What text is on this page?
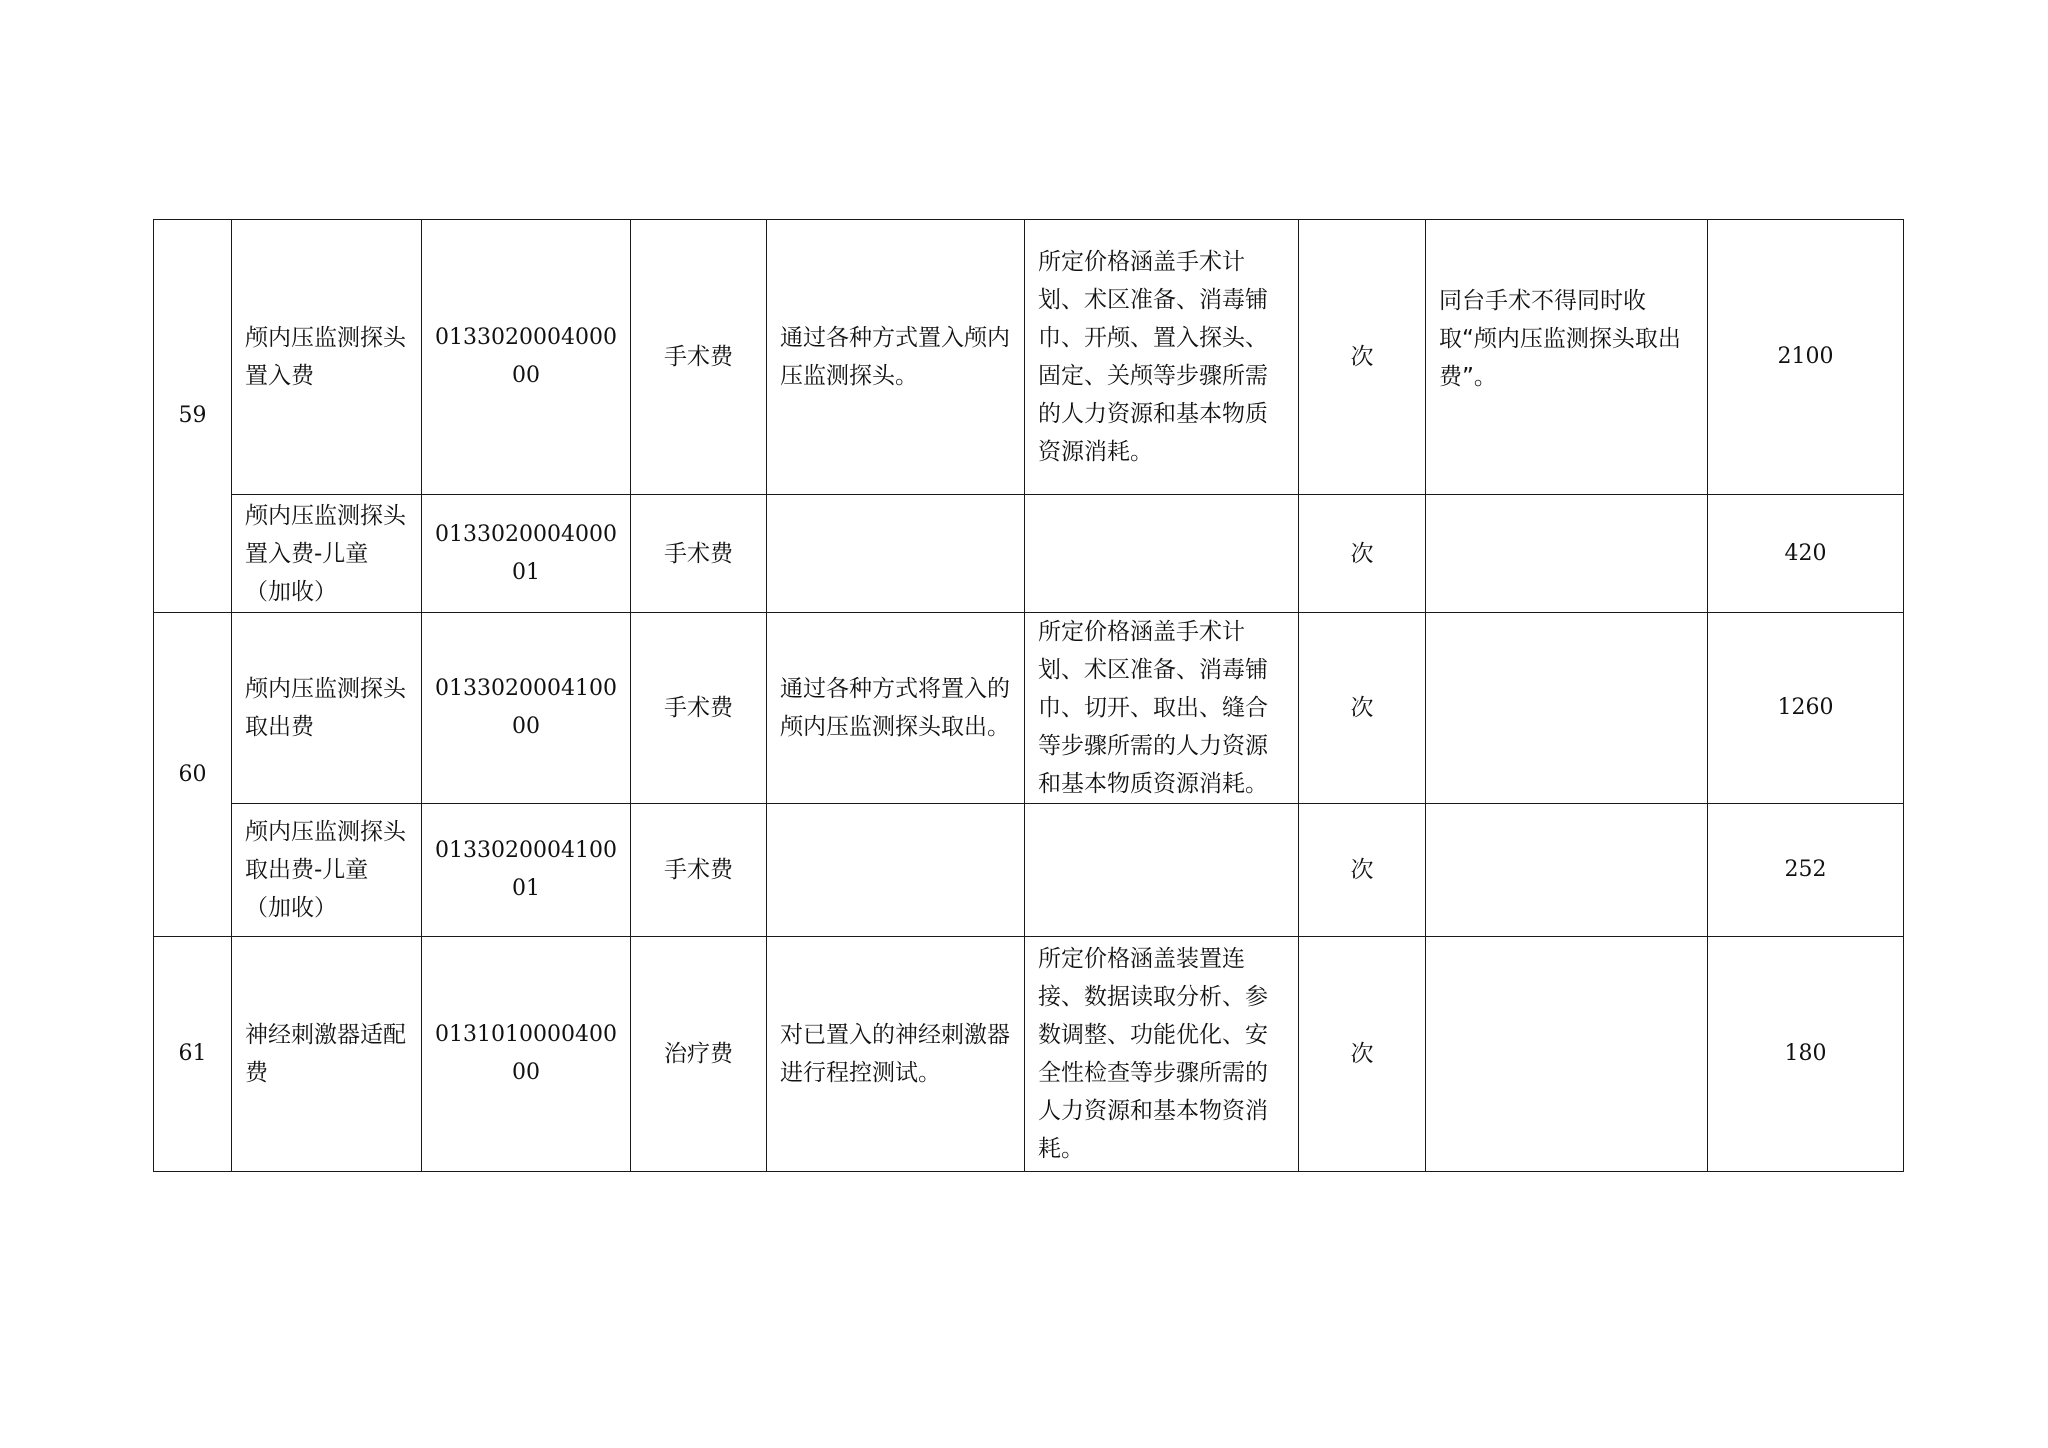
59	颅内压监测探头置入费	013302000400000	手术费	通过各种方式置入颅内压监测探头。	所定价格涵盖手术计划、术区准备、消毒铺巾、开颅、置入探头、固定、关颅等步骤所需的人力资源和基本物质资源消耗。	次	同台手术不得同时收取“颅内压监测探头取出费”。	2100
	颅内压监测探头置入费-儿童（加收）	013302000400001	手术费			次		420
60	颅内压监测探头取出费	013302000410000	手术费	通过各种方式将置入的颅内压监测探头取出。	所定价格涵盖手术计划、术区准备、消毒铺巾、切开、取出、缝合等步骤所需的人力资源和基本物质资源消耗。	次		1260
	颅内压监测探头取出费-儿童（加收）	013302000410001	手术费			次		252
61	神经刺激器适配费	013101000040000	治疗费	对已置入的神经刺激器进行程控测试。	所定价格涵盖装置连接、数据读取分析、参数调整、功能优化、安全性检查等步骤所需的人力资源和基本物资消耗。	次		180
